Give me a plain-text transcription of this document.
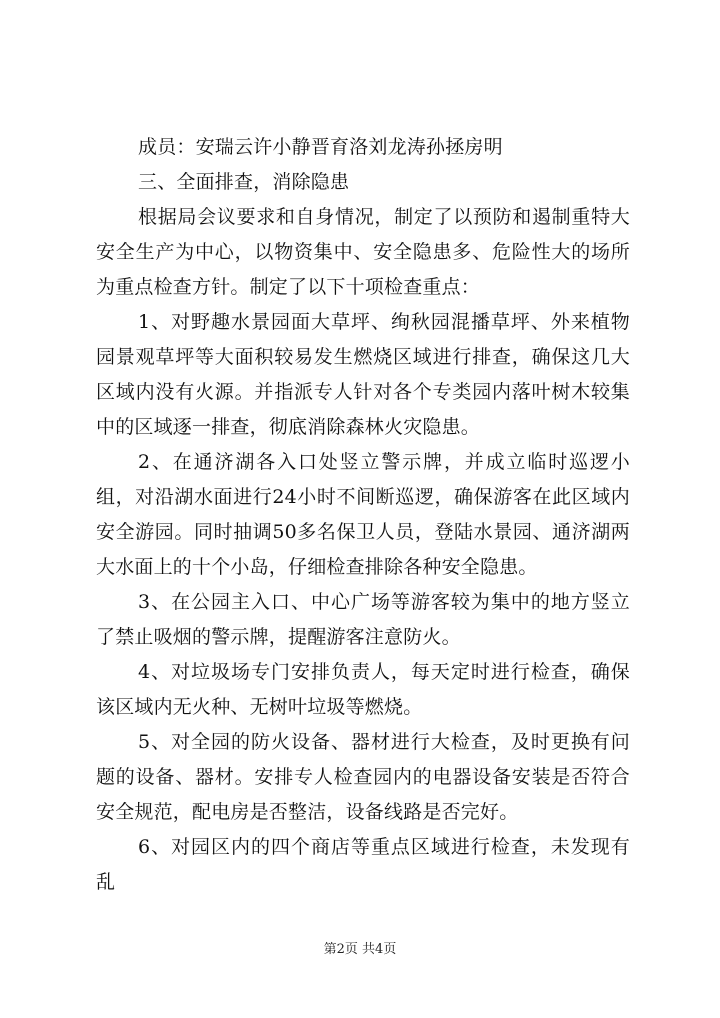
成员：安瑞云许小静晋育洛刘龙涛孙拯房明

三、全面排查，消除隐患

根据局会议要求和自身情况，制定了以预防和遏制重特大安全生产为中心，以物资集中、安全隐患多、危险性大的场所为重点检查方针。制定了以下十项检查重点：

1、对野趣水景园面大草坪、绚秋园混播草坪、外来植物园景观草坪等大面积较易发生燃烧区域进行排查，确保这几大区域内没有火源。并指派专人针对各个专类园内落叶树木较集中的区域逐一排查，彻底消除森林火灾隐患。

2、在通济湖各入口处竖立警示牌，并成立临时巡逻小组，对沿湖水面进行24小时不间断巡逻，确保游客在此区域内安全游园。同时抽调50多名保卫人员，登陆水景园、通济湖两大水面上的十个小岛，仔细检查排除各种安全隐患。

3、在公园主入口、中心广场等游客较为集中的地方竖立了禁止吸烟的警示牌，提醒游客注意防火。

4、对垃圾场专门安排负责人，每天定时进行检查，确保该区域内无火种、无树叶垃圾等燃烧。

5、对全园的防火设备、器材进行大检查，及时更换有问题的设备、器材。安排专人检查园内的电器设备安装是否符合安全规范，配电房是否整洁，设备线路是否完好。

6、对园区内的四个商店等重点区域进行检查，未发现有乱

第2页 共4页
